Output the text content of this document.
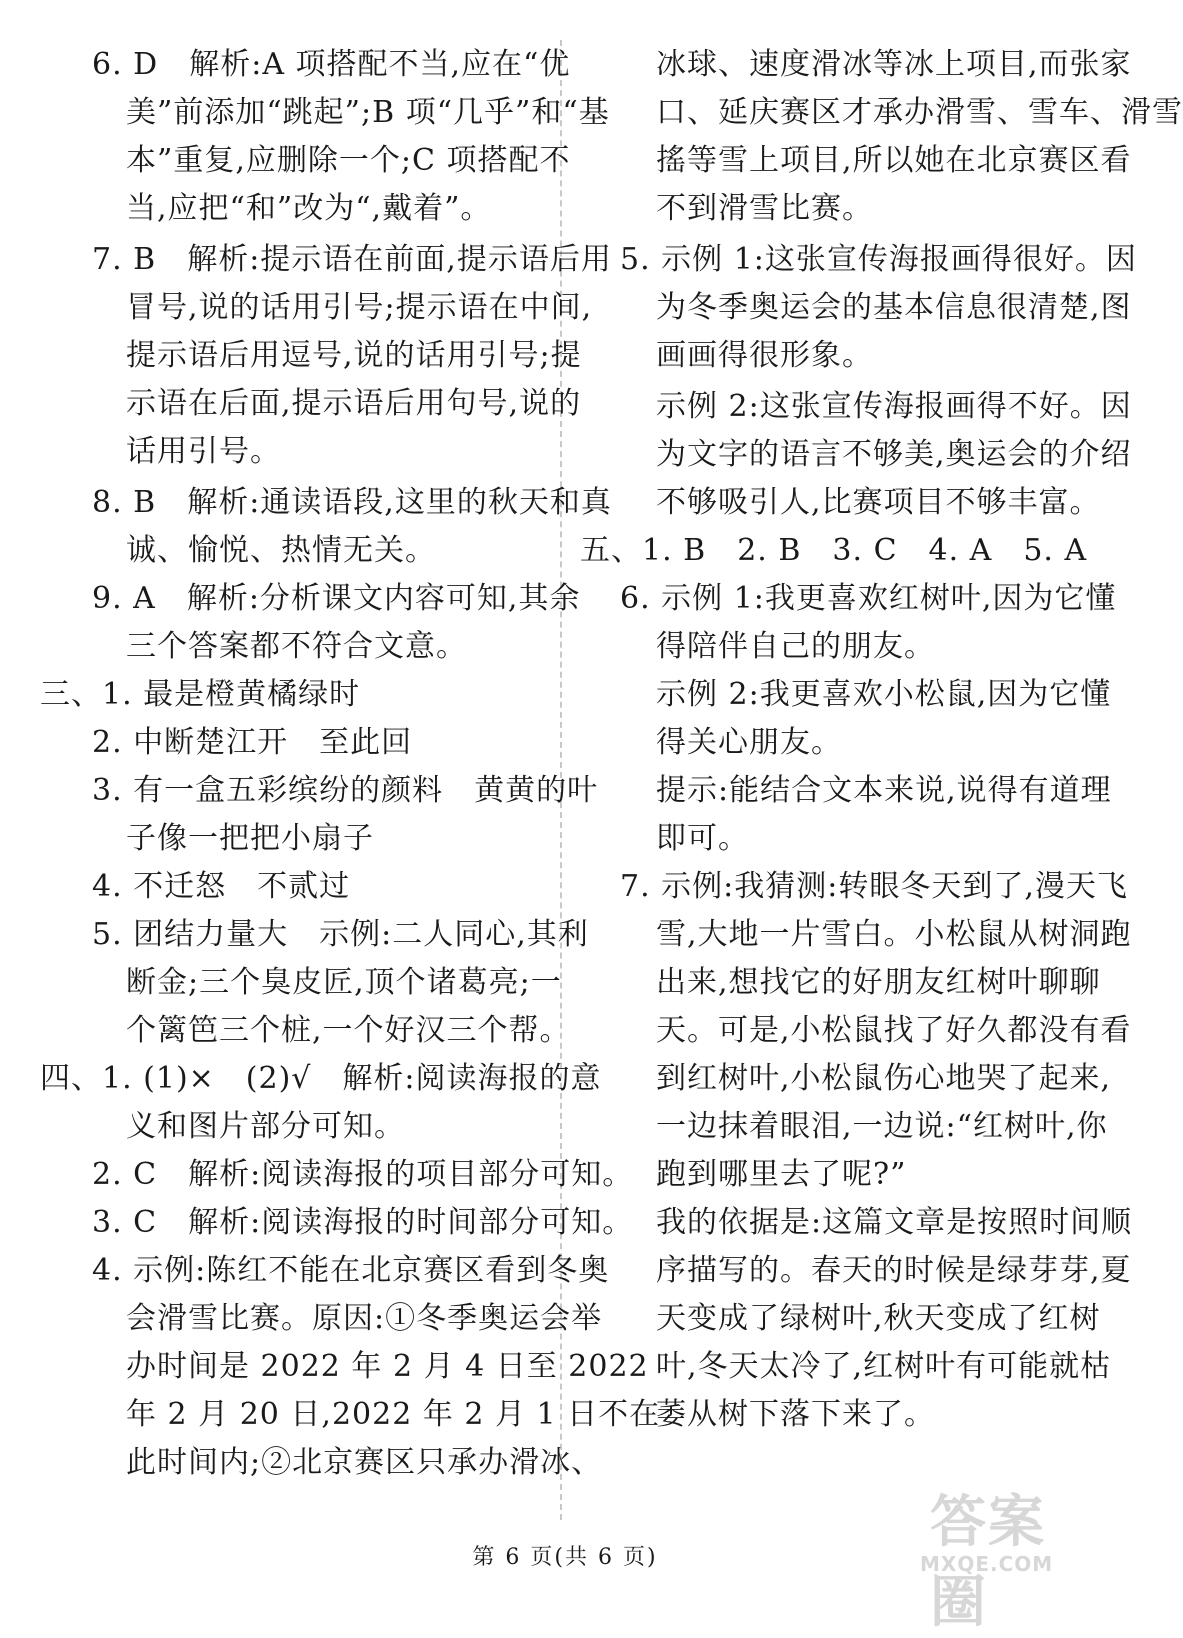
6. D　解析:A 项搭配不当,应在“优
美”前添加“跳起”;B 项“几乎”和“基
本”重复,应删除一个;C 项搭配不
当,应把“和”改为“,戴着”。
7. B　解析:提示语在前面,提示语后用
冒号,说的话用引号;提示语在中间,
提示语后用逗号,说的话用引号;提
示语在后面,提示语后用句号,说的
话用引号。
8. B　解析:通读语段,这里的秋天和真
诚、愉悦、热情无关。
9. A　解析:分析课文内容可知,其余
三个答案都不符合文意。
三、1. 最是橙黄橘绿时
2. 中断楚江开　至此回
3. 有一盒五彩缤纷的颜料　黄黄的叶
子像一把把小扇子
4. 不迁怒　不贰过
5. 团结力量大　示例:二人同心,其利
断金;三个臭皮匠,顶个诸葛亮;一
个篱笆三个桩,一个好汉三个帮。
四、1. (1)×　(2)√　解析:阅读海报的意
义和图片部分可知。
2. C　解析:阅读海报的项目部分可知。
3. C　解析:阅读海报的时间部分可知。
4. 示例:陈红不能在北京赛区看到冬奥
会滑雪比赛。原因:①冬季奥运会举
办时间是 2022 年 2 月 4 日至 2022
年 2 月 20 日,2022 年 2 月 1 日不在
此时间内;②北京赛区只承办滑冰、
冰球、速度滑冰等冰上项目,而张家
口、延庆赛区才承办滑雪、雪车、滑雪
搖等雪上项目,所以她在北京赛区看
不到滑雪比赛。
5. 示例 1:这张宣传海报画得很好。因
为冬季奥运会的基本信息很清楚,图
画画得很形象。
示例 2:这张宣传海报画得不好。因
为文字的语言不够美,奥运会的介绍
不够吸引人,比赛项目不够丰富。
五、1. B　2. B　3. C　4. A　5. A
6. 示例 1:我更喜欢红树叶,因为它懂
得陪伴自己的朋友。
示例 2:我更喜欢小松鼠,因为它懂
得关心朋友。
提示:能结合文本来说,说得有道理
即可。
7. 示例:我猜测:转眼冬天到了,漫天飞
雪,大地一片雪白。小松鼠从树洞跑
出来,想找它的好朋友红树叶聊聊
天。可是,小松鼠找了好久都没有看
到红树叶,小松鼠伤心地哭了起来,
一边抹着眼泪,一边说:“红树叶,你
跑到哪里去了呢?”
我的依据是:这篇文章是按照时间顺
序描写的。春天的时候是绿芽芽,夏
天变成了绿树叶,秋天变成了红树
叶,冬天太冷了,红树叶有可能就枯
萎从树下落下来了。
第 6 页(共 6 页)
答案圈
MXQE.COM
